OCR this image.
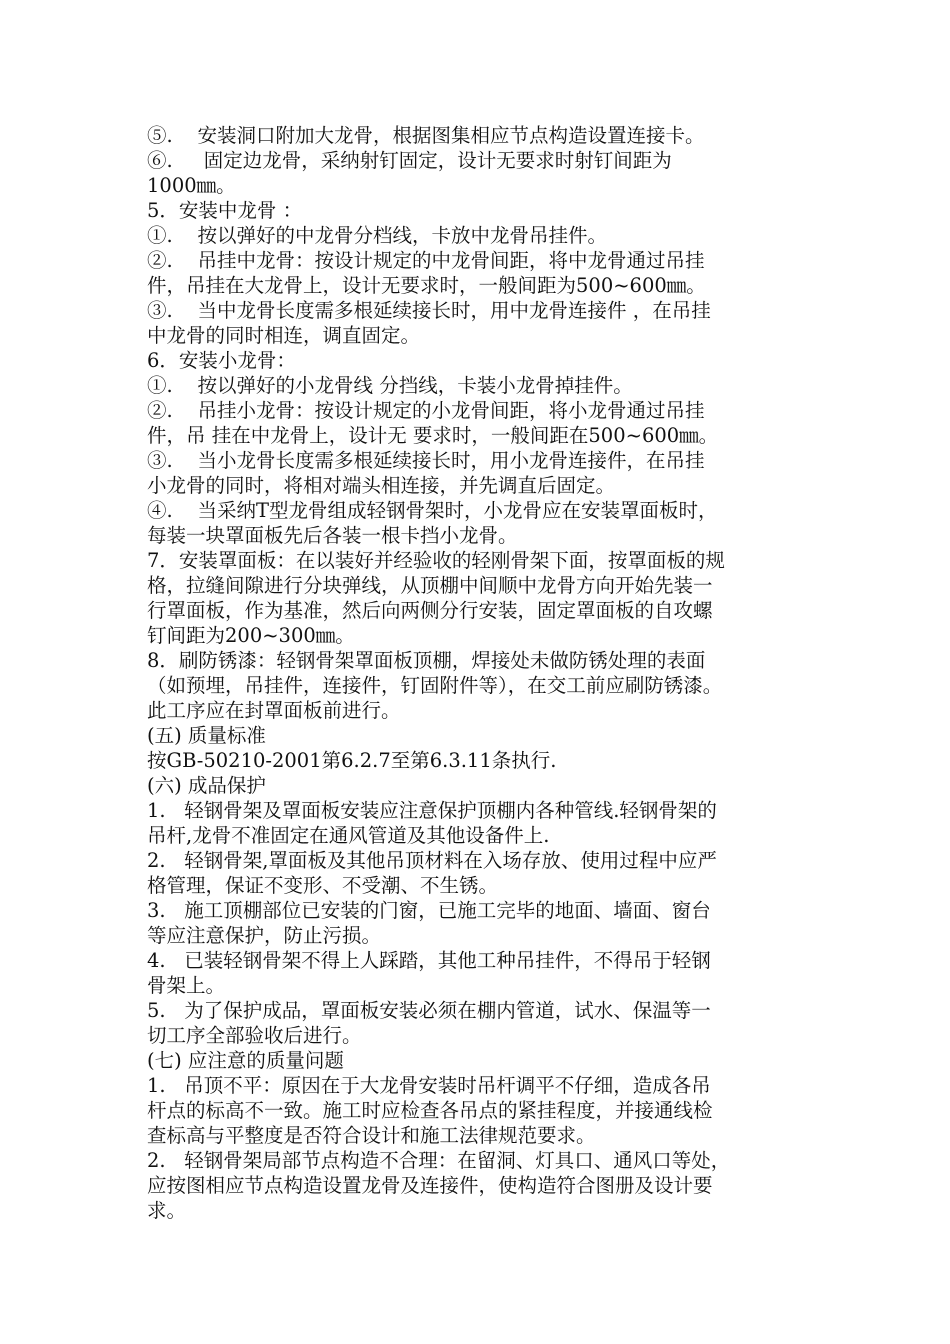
⑤.    安装洞口附加大龙骨，根据图集相应节点构造设置连接卡。
⑥.     固定边龙骨，采纳射钉固定，设计无要求时射钉间距为
1000㎜。
5．安装中龙骨 ：
①.    按以弹好的中龙骨分档线，卡放中龙骨吊挂件。
②.    吊挂中龙骨：按设计规定的中龙骨间距，将中龙骨通过吊挂
件，吊挂在大龙骨上，设计无要求时，一般间距为500~600㎜。
③.    当中龙骨长度需多根延续接长时，用中龙骨连接件 ，在吊挂
中龙骨的同时相连，调直固定。
6．安装小龙骨：
①.    按以弹好的小龙骨线 分挡线，卡装小龙骨掉挂件。
②.    吊挂小龙骨：按设计规定的小龙骨间距，将小龙骨通过吊挂
件，吊 挂在中龙骨上，设计无 要求时，一般间距在500~600㎜。
③.    当小龙骨长度需多根延续接长时，用小龙骨连接件，在吊挂
小龙骨的同时，将相对端头相连接，并先调直后固定。
④.    当采纳T型龙骨组成轻钢骨架时，小龙骨应在安装罩面板时，
每装一块罩面板先后各装一根卡挡小龙骨。
7．安装罩面板：在以装好并经验收的轻刚骨架下面，按罩面板的规
格，拉缝间隙进行分块弹线，从顶棚中间顺中龙骨方向开始先装一
行罩面板，作为基准，然后向两侧分行安装，固定罩面板的自攻螺
钉间距为200~300㎜。
8．刷防锈漆：轻钢骨架罩面板顶棚，焊接处未做防锈处理的表面
（如预埋，吊挂件，连接件，钉固附件等），在交工前应刷防锈漆。
此工序应在封罩面板前进行。
(五) 质量标准
按GB-50210-2001第6.2.7至第6.3.11条执行.
(六) 成品保护
1.   轻钢骨架及罩面板安装应注意保护顶棚内各种管线.轻钢骨架的
吊杆,龙骨不准固定在通风管道及其他设备件上.
2.   轻钢骨架,罩面板及其他吊顶材料在入场存放、使用过程中应严
格管理，保证不变形、不受潮、不生锈。
3.   施工顶棚部位已安装的门窗，已施工完毕的地面、墙面、窗台
等应注意保护，防止污损。
4.   已装轻钢骨架不得上人踩踏，其他工种吊挂件，不得吊于轻钢
骨架上。
5.   为了保护成品，罩面板安装必须在棚内管道，试水、保温等一
切工序全部验收后进行。
(七) 应注意的质量问题
1.   吊顶不平：原因在于大龙骨安装时吊杆调平不仔细，造成各吊
杆点的标高不一致。施工时应检查各吊点的紧挂程度，并接通线检
查标高与平整度是否符合设计和施工法律规范要求。
2.   轻钢骨架局部节点构造不合理：在留洞、灯具口、通风口等处，
应按图相应节点构造设置龙骨及连接件，使构造符合图册及设计要
求。
